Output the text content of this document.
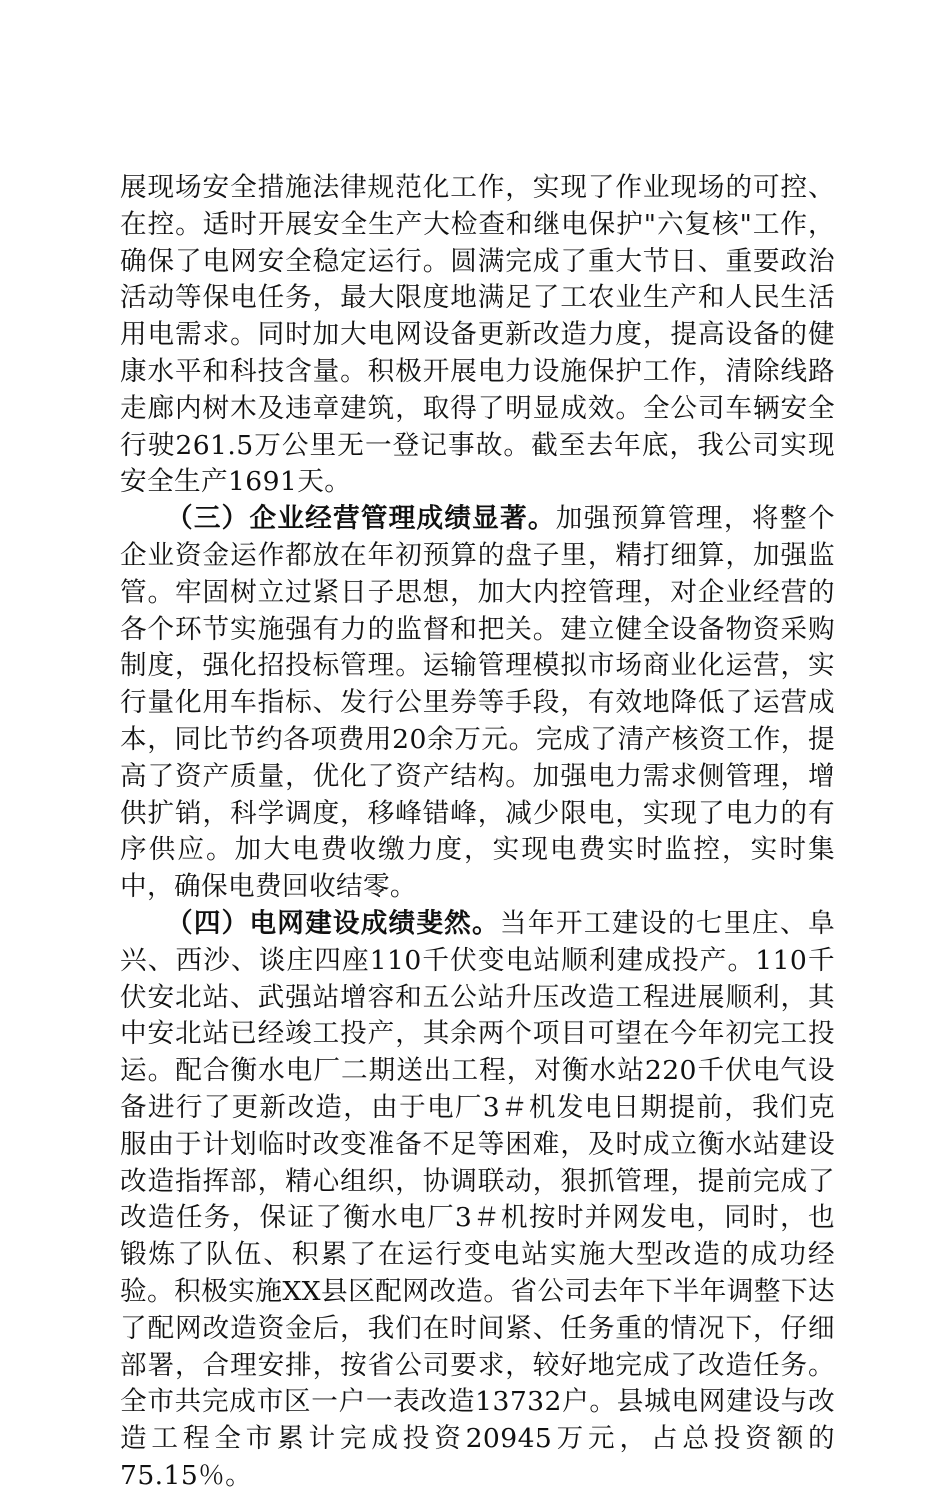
展现场安全措施法律规范化工作，实现了作业现场的可控、在控。适时开展安全生产大检查和继电保护"六复核"工作，确保了电网安全稳定运行。圆满完成了重大节日、重要政治活动等保电任务，最大限度地满足了工农业生产和人民生活用电需求。同时加大电网设备更新改造力度，提高设备的健康水平和科技含量。积极开展电力设施保护工作，清除线路走廊内树木及违章建筑，取得了明显成效。全公司车辆安全行驶261.5万公里无一登记事故。截至去年底，我公司实现安全生产1691天。

（三）企业经营管理成绩显著。加强预算管理，将整个企业资金运作都放在年初预算的盘子里，精打细算，加强监管。牢固树立过紧日子思想，加大内控管理，对企业经营的各个环节实施强有力的监督和把关。建立健全设备物资采购制度，强化招投标管理。运输管理模拟市场商业化运营，实行量化用车指标、发行公里券等手段，有效地降低了运营成本，同比节约各项费用20余万元。完成了清产核资工作，提高了资产质量，优化了资产结构。加强电力需求侧管理，增供扩销，科学调度，移峰错峰，减少限电，实现了电力的有序供应。加大电费收缴力度，实现电费实时监控，实时集中，确保电费回收结零。

（四）电网建设成绩斐然。当年开工建设的七里庄、阜兴、西沙、谈庄四座110千伏变电站顺利建成投产。110千伏安北站、武强站增容和五公站升压改造工程进展顺利，其中安北站已经竣工投产，其余两个项目可望在今年初完工投运。配合衡水电厂二期送出工程，对衡水站220千伏电气设备进行了更新改造，由于电厂3＃机发电日期提前，我们克服由于计划临时改变准备不足等困难，及时成立衡水站建设改造指挥部，精心组织，协调联动，狠抓管理，提前完成了改造任务，保证了衡水电厂3＃机按时并网发电，同时，也锻炼了队伍、积累了在运行变电站实施大型改造的成功经验。积极实施XX县区配网改造。省公司去年下半年调整下达了配网改造资金后，我们在时间紧、任务重的情况下，仔细部署，合理安排，按省公司要求，较好地完成了改造任务。全市共完成市区一户一表改造13732户。县城电网建设与改造工程全市累计完成投资20945万元，占总投资额的75.15％。
